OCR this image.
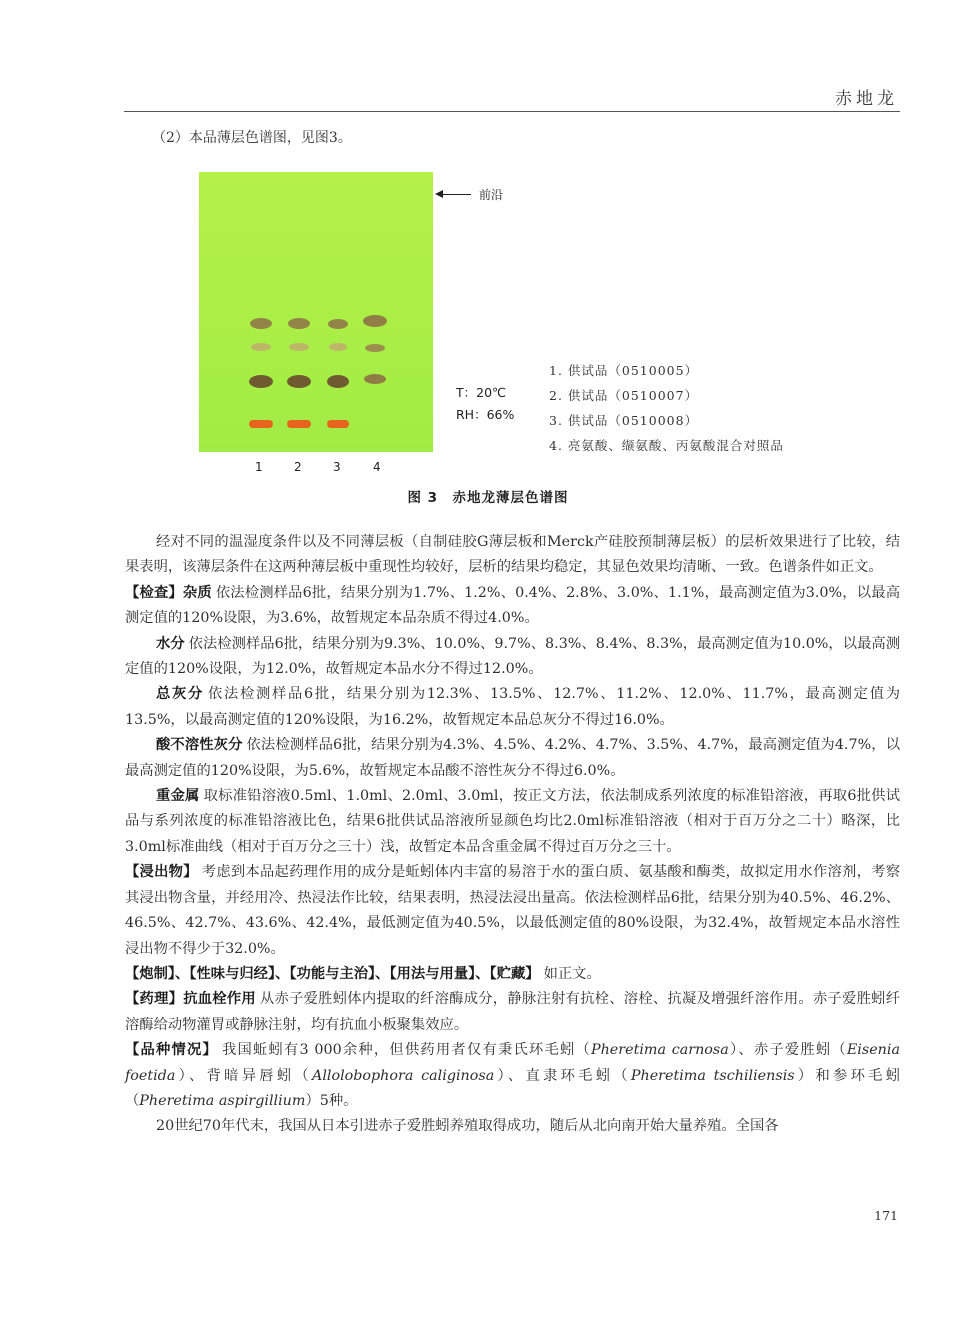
赤地龙
（2）本品薄层色谱图，见图3。
前沿
T：20℃
RH：66%
1. 供试品（0510005）
2. 供试品（0510007）
3. 供试品（0510008）
4. 亮氨酸、缬氨酸、丙氨酸混合对照品
1	2	3	4
图 3　赤地龙薄层色谱图

经对不同的温湿度条件以及不同薄层板（自制硅胶G薄层板和Merck产硅胶预制薄层板）的层析效果进行了比较，结果表明，该薄层条件在这两种薄层板中重现性均较好，层析的结果均稳定，其显色效果均清晰、一致。色谱条件如正文。

【检查】杂质 依法检测样品6批，结果分别为1.7%、1.2%、0.4%、2.8%、3.0%、1.1%，最高测定值为3.0%，以最高测定值的120%设限，为3.6%，故暂规定本品杂质不得过4.0%。

水分 依法检测样品6批，结果分别为9.3%、10.0%、9.7%、8.3%、8.4%、8.3%，最高测定值为10.0%，以最高测定值的120%设限，为12.0%，故暂规定本品水分不得过12.0%。

总灰分 依法检测样品6批，结果分别为12.3%、13.5%、12.7%、11.2%、12.0%、11.7%，最高测定值为13.5%，以最高测定值的120%设限，为16.2%，故暂规定本品总灰分不得过16.0%。

酸不溶性灰分 依法检测样品6批，结果分别为4.3%、4.5%、4.2%、4.7%、3.5%、4.7%，最高测定值为4.7%，以最高测定值的120%设限，为5.6%，故暂规定本品酸不溶性灰分不得过6.0%。

重金属 取标准铅溶液0.5ml、1.0ml、2.0ml、3.0ml，按正文方法，依法制成系列浓度的标准铅溶液，再取6批供试品与系列浓度的标准铅溶液比色，结果6批供试品溶液所显颜色均比2.0ml标准铅溶液（相对于百万分之二十）略深，比3.0ml标准曲线（相对于百万分之三十）浅，故暂定本品含重金属不得过百万分之三十。

【浸出物】 考虑到本品起药理作用的成分是蚯蚓体内丰富的易溶于水的蛋白质、氨基酸和酶类，故拟定用水作溶剂，考察其浸出物含量，并经用冷、热浸法作比较，结果表明，热浸法浸出量高。依法检测样品6批，结果分别为40.5%、46.2%、46.5%、42.7%、43.6%、42.4%，最低测定值为40.5%，以最低测定值的80%设限，为32.4%，故暂规定本品水溶性浸出物不得少于32.0%。

【炮制】、【性味与归经】、【功能与主治】、【用法与用量】、【贮藏】 如正文。

【药理】抗血栓作用 从赤子爱胜蚓体内提取的纤溶酶成分，静脉注射有抗栓、溶栓、抗凝及增强纤溶作用。赤子爱胜蚓纤溶酶给动物灌胃或静脉注射，均有抗血小板聚集效应。

【品种情况】 我国蚯蚓有3 000余种，但供药用者仅有秉氏环毛蚓（Pheretima carnosa）、赤子爱胜蚓（Eisenia foetida）、背暗异唇蚓（Allolobophora caliginosa）、直隶环毛蚓（Pheretima tschiliensis）和参环毛蚓（Pheretima aspirgillium）5种。

20世纪70年代末，我国从日本引进赤子爱胜蚓养殖取得成功，随后从北向南开始大量养殖。全国各

171
